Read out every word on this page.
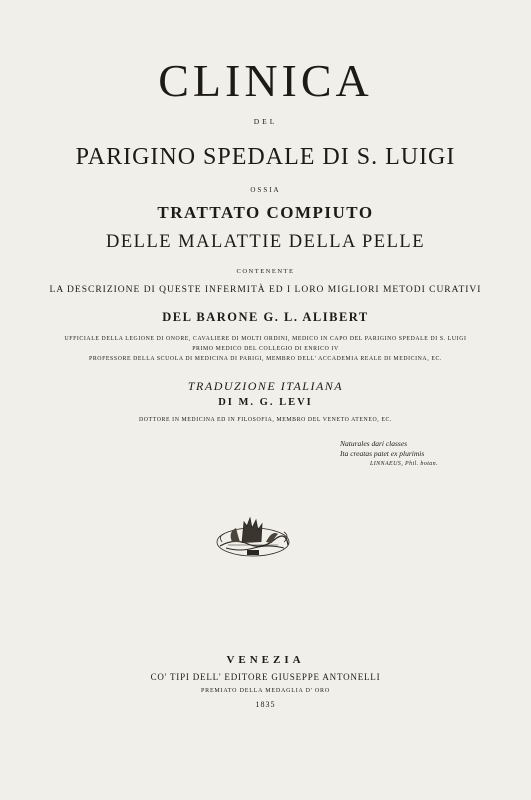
CLINICA
DEL
PARIGINO SPEDALE DI S. LUIGI
OSSIA
TRATTATO COMPIUTO
DELLE MALATTIE DELLA PELLE
CONTENENTE
LA DESCRIZIONE DI QUESTE INFERMITÀ ED I LORO MIGLIORI METODI CURATIVI
DEL BARONE G. L. ALIBERT
UFFICIALE DELLA LEGIONE DI ONORE, CAVALIERE DI MOLTI ORDINI, MEDICO IN CAPO DEL PARIGINO SPEDALE DI S. LUIGI
PRIMO MEDICO DEL COLLEGIO DI ENRICO IV
PROFESSORE DELLA SCUOLA DI MEDICINA DI PARIGI, MEMBRO DELL' ACCADEMIA REALE DI MEDICINA, EC.
TRADUZIONE ITALIANA
DI M. G. LEVI
DOTTORE IN MEDICINA ED IN FILOSOFIA, MEMBRO DEL VENETO ATENEO, EC.
Naturales dari classes
Ita creatas patet ex plurimis
LINNAEUS, Phil. botan.
VENEZIA
CO' TIPI DELL' EDITORE GIUSEPPE ANTONELLI
PREMIATO DELLA MEDAGLIA D' ORO
1835
